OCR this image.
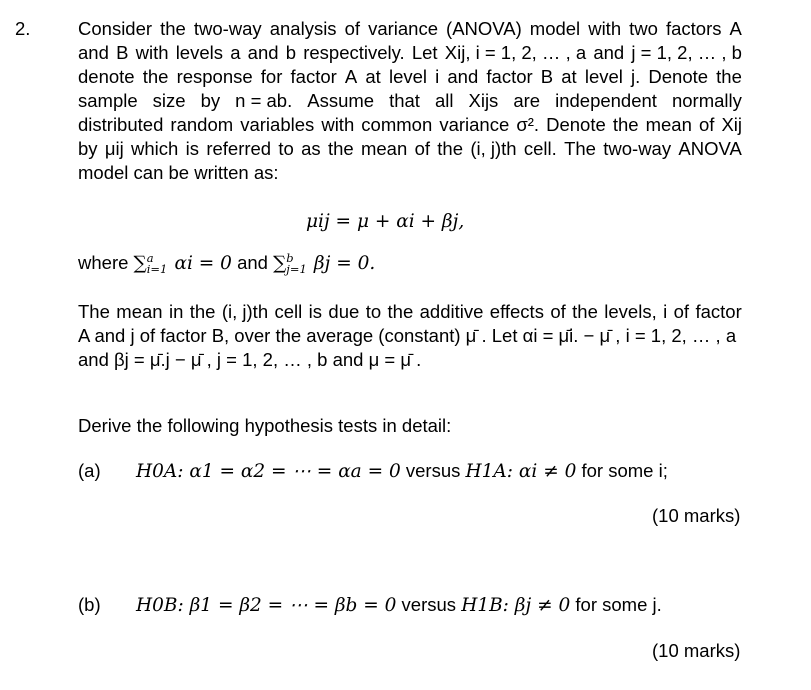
2.	Consider the two-way analysis of variance (ANOVA) model with two factors A
and B with levels a and b respectively. Let Xij, i = 1, 2, … , a and j = 1, 2, … , b
denote the response for factor A at level i and factor B at level j. Denote the
sample size by n = ab. Assume that all Xijs are independent normally
distributed random variables with common variance σ². Denote the mean of Xij
by μij which is referred to as the mean of the (i, j)th cell. The two-way ANOVA
model can be written as:
μij = μ + αi + βj,
where ∑ a
i=1 αi = 0 and ∑ b
j=1 βj = 0.
The mean in the (i, j)th cell is due to the additive effects of the levels, i of factor
A and j of factor B, over the average (constant) μ̄ . Let αi = μ̄i. − μ̄ , i = 1, 2, … , a
and βj = μ̄.j − μ̄ , j = 1, 2, … , b and μ = μ̄ .
Derive the following hypothesis tests in detail:
(a) H0A: α1 = α2 = ⋯ = αa = 0 versus H1A: αi ≠ 0 for some i;
(10 marks)
(b) H0B: β1 = β2 = ⋯ = βb = 0 versus H1B: βj ≠ 0 for some j.
(10 marks)
